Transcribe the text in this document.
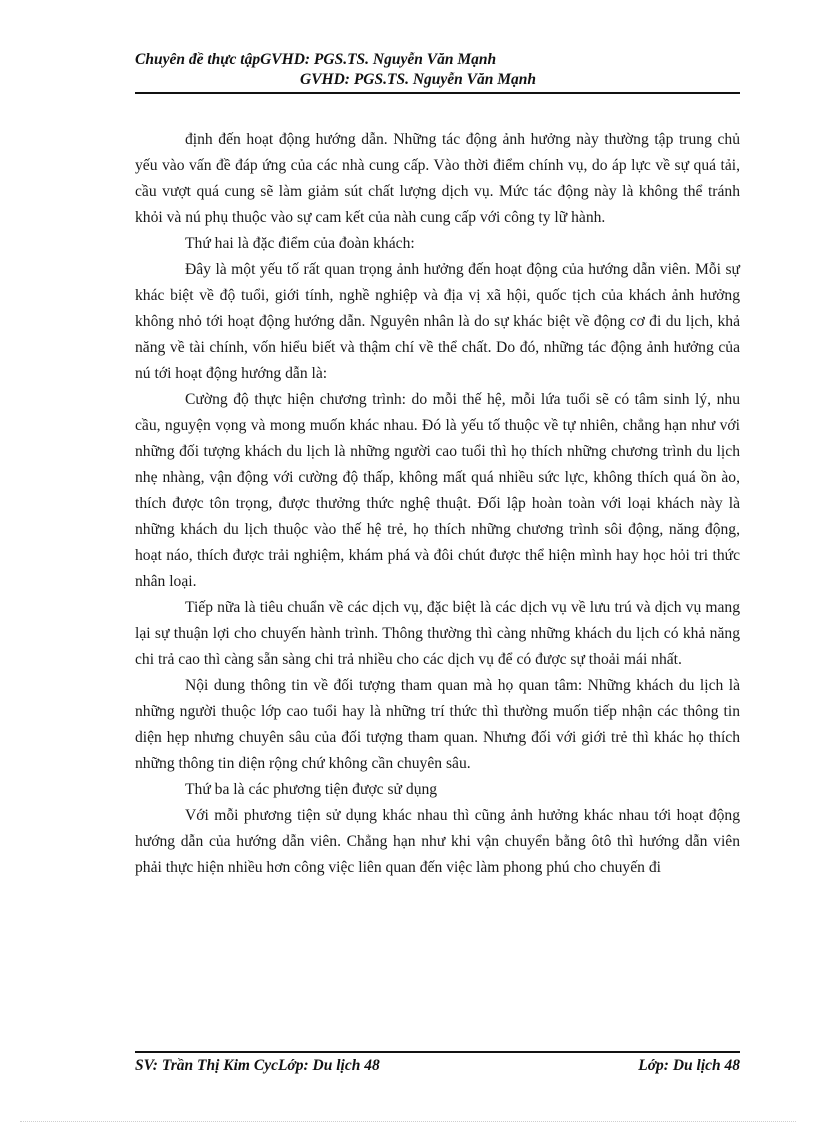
Chuyên đề thực tậpGVHD: PGS.TS. Nguyễn Văn Mạnh
GVHD: PGS.TS. Nguyễn Văn Mạnh

định đến hoạt động hướng dẫn. Những tác động ảnh hưởng này thường tập trung chủ yếu vào vấn đề đáp ứng của các nhà cung cấp. Vào thời điểm chính vụ, do áp lực về sự quá tải, cầu vượt quá cung sẽ làm giảm sút chất lượng dịch vụ. Mức tác động này là không thể tránh khỏi và nú phụ thuộc vào sự cam kết của nàh cung cấp với công ty lữ hành.

Thứ hai là đặc điểm của đoàn khách:

Đây là một yếu tố rất quan trọng ảnh hưởng đến hoạt động của hướng dẫn viên. Mỗi sự khác biệt về độ tuổi, giới tính, nghề nghiệp và địa vị xã hội, quốc tịch của khách ảnh hưởng không nhỏ tới hoạt động hướng dẫn. Nguyên nhân là do sự khác biệt về động cơ đi du lịch, khả năng về tài chính, vốn hiểu biết và thậm chí về thể chất. Do đó, những tác động ảnh hưởng của nú tới hoạt động hướng dẫn là:

Cường độ thực hiện chương trình: do mỗi thế hệ, mỗi lứa tuổi sẽ có tâm sinh lý, nhu cầu, nguyện vọng và mong muốn khác nhau. Đó là yếu tố thuộc về tự nhiên, chẳng hạn như với những đối tượng khách du lịch là những người cao tuổi thì họ thích những chương trình du lịch nhẹ nhàng, vận động với cường độ thấp, không mất quá nhiều sức lực, không thích quá ồn ào, thích được tôn trọng, được thưởng thức nghệ thuật. Đối lập hoàn toàn với loại khách này là những khách du lịch thuộc vào thế hệ trẻ, họ thích những chương trình sôi động, năng động, hoạt náo, thích được trải nghiệm, khám phá và đôi chút được thể hiện mình hay học hỏi tri thức nhân loại.

Tiếp nữa là tiêu chuẩn về các dịch vụ, đặc biệt là các dịch vụ về lưu trú và dịch vụ mang lại sự thuận lợi cho chuyến hành trình. Thông thường thì càng những khách du lịch có khả năng chi trả cao thì càng sẵn sàng chi trả nhiều cho các dịch vụ để có được sự thoải mái nhất.

Nội dung thông tin về đối tượng tham quan mà họ quan tâm: Những khách du lịch là những người thuộc lớp cao tuổi hay là những trí thức thì thường muốn tiếp nhận các thông tin diện hẹp nhưng chuyên sâu của đối tượng tham quan. Nhưng đối với giới trẻ thì khác họ thích những thông tin diện rộng chứ không cần chuyên sâu.

Thứ ba là các phương tiện được sử dụng

Với mỗi phương tiện sử dụng khác nhau thì cũng ảnh hưởng khác nhau tới hoạt động hướng dẫn của hướng dẫn viên. Chẳng hạn như khi vận chuyển bằng ôtô thì hướng dẫn viên phải thực hiện nhiều hơn công việc liên quan đến việc làm phong phú cho chuyến đi

SV: Trần Thị Kim CycLớp: Du lịch 48	Lớp: Du lịch 48
